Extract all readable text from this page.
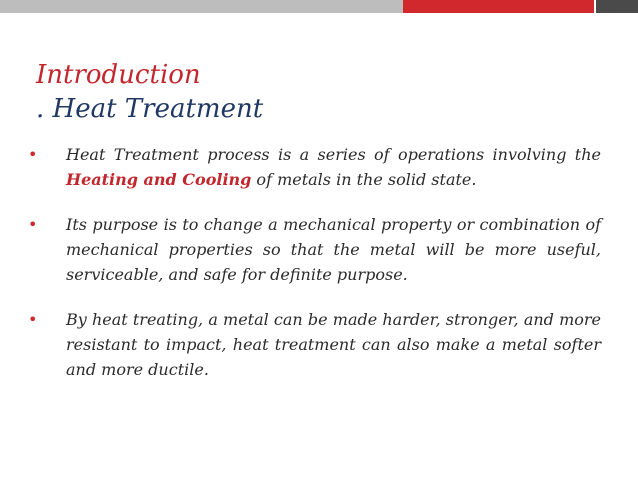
Introduction
. Heat Treatment
• Heat Treatment process is a series of operations involving the Heating and Cooling of metals in the solid state.
• Its purpose is to change a mechanical property or combination of mechanical properties so that the metal will be more useful, serviceable, and safe for definite purpose.
• By heat treating, a metal can be made harder, stronger, and more resistant to impact, heat treatment can also make a metal softer and more ductile.
